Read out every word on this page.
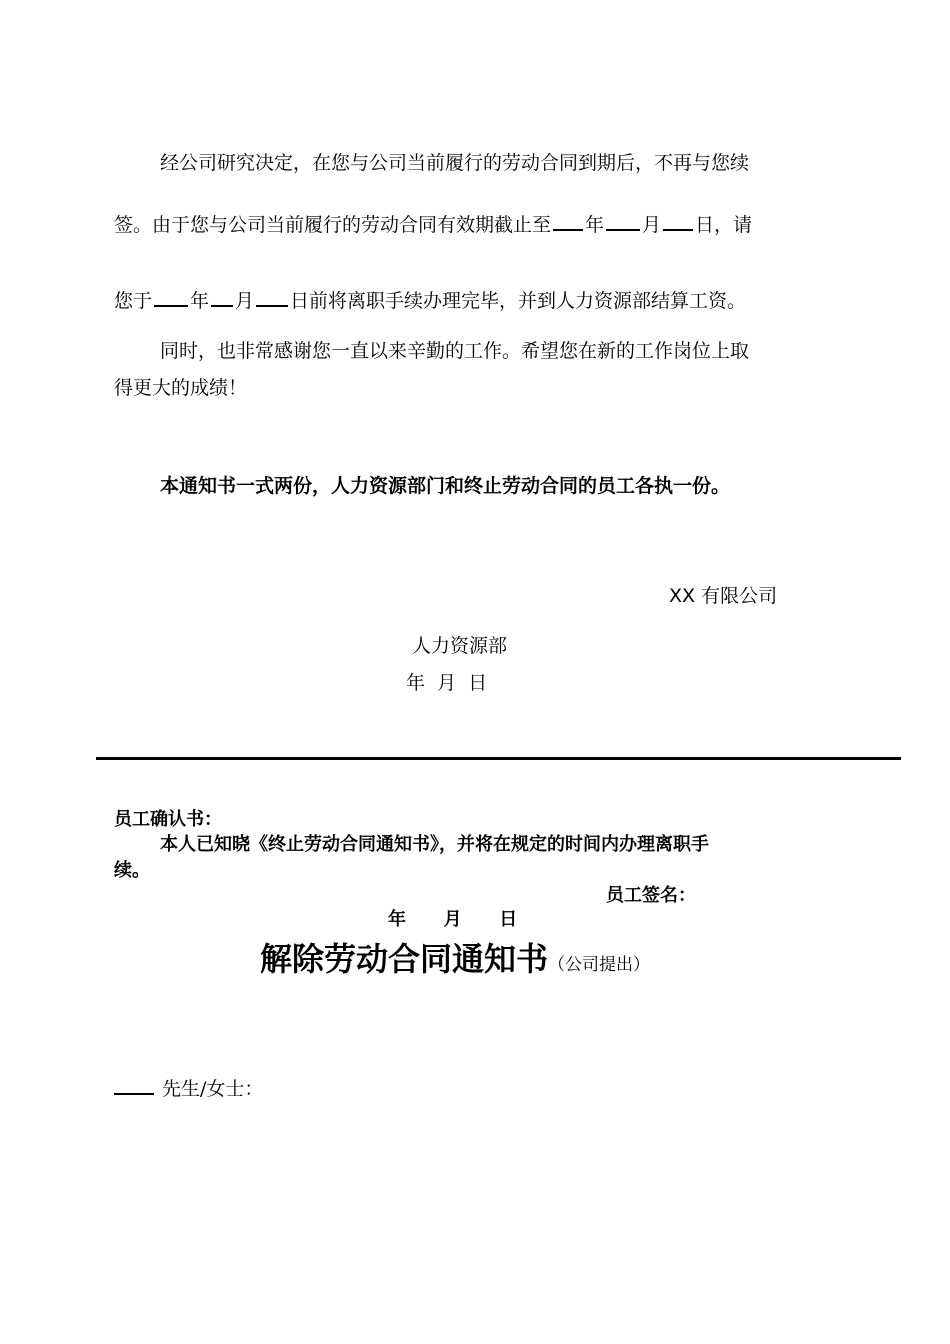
经公司研究决定，在您与公司当前履行的劳动合同到期后，不再与您续
签。由于您与公司当前履行的劳动合同有效期截止至 年 月 日，请
您于 年 月 日前将离职手续办理完毕，并到人力资源部结算工资。
同时，也非常感谢您一直以来辛勤的工作。希望您在新的工作岗位上取
得更大的成绩！
本通知书一式两份，人力资源部门和终止劳动合同的员工各执一份。
XX 有限公司
人力资源部
年  月  日
员工确认书：
本人已知晓《终止劳动合同通知书》，并将在规定的时间内办理离职手
续。
员工签名：
年      月      日
解除劳动合同通知书（公司提出）
先生/女士：
